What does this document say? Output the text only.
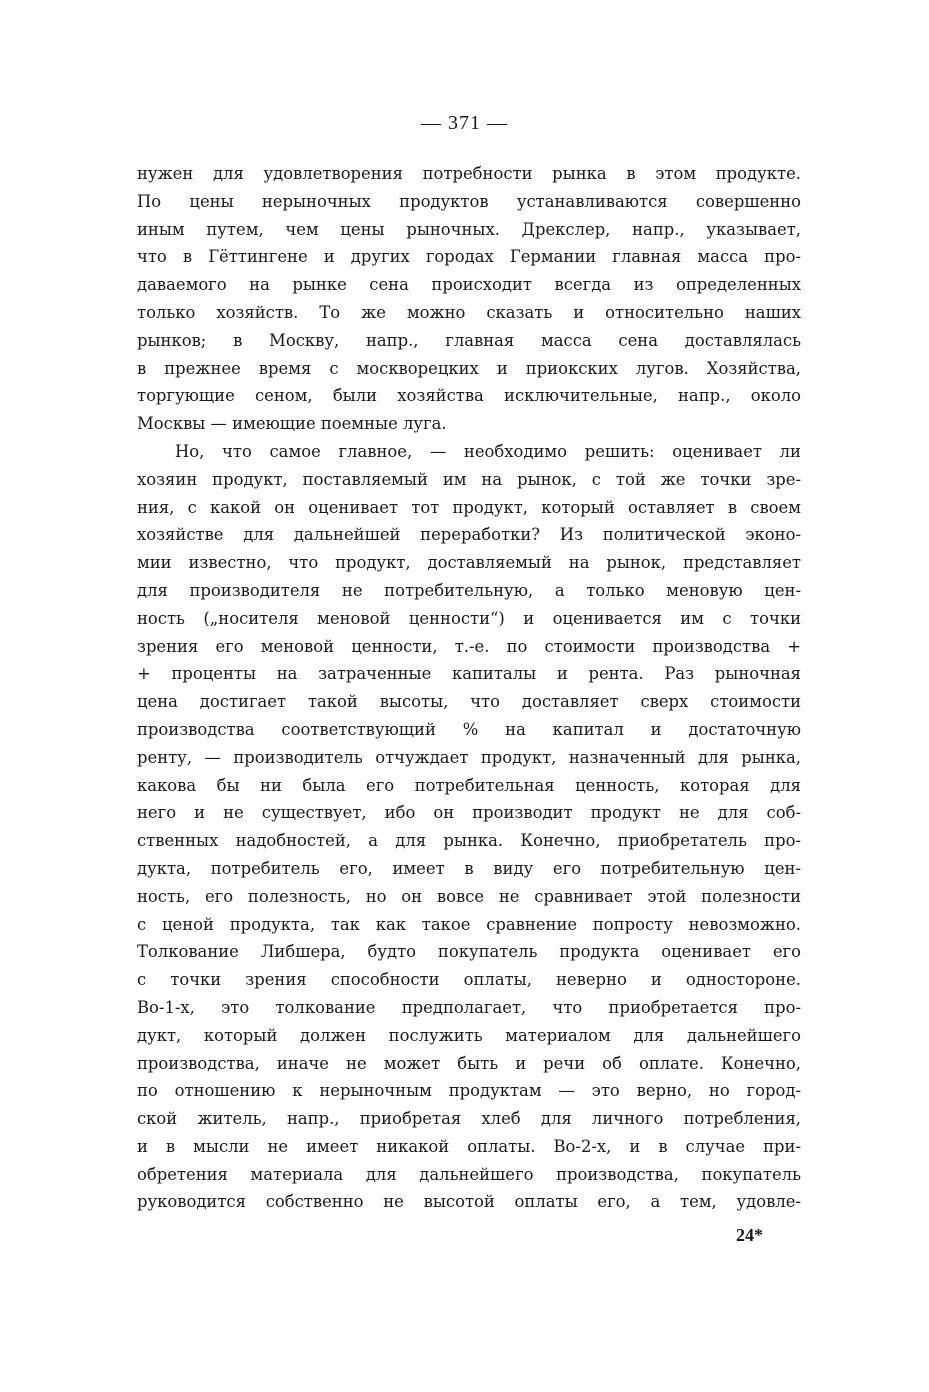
— 371 —
нужен для удовлетворения потребности рынка в этом продукте.
По цены нерыночных продуктов устанавливаются совершенно
иным путем, чем цены рыночных. Дрекслер, напр., указывает,
что в Гёттингене и других городах Германии главная масса про-
даваемого на рынке сена происходит всегда из определенных
только хозяйств. То же можно сказать и относительно наших
рынков; в Москву, напр., главная масса сена доставлялась
в прежнее время с москворецких и приокских лугов. Хозяйства,
торгующие сеном, были хозяйства исключительные, напр., около
Москвы — имеющие поемные луга.
Но, что самое главное, — необходимо решить: оценивает ли
хозяин продукт, поставляемый им на рынок, с той же точки зре-
ния, с какой он оценивает тот продукт, который оставляет в своем
хозяйстве для дальнейшей переработки? Из политической эконо-
мии известно, что продукт, доставляемый на рынок, представляет
для производителя не потребительную, а только меновую цен-
ность („носителя меновой ценности“) и оценивается им с точки
зрения его меновой ценности, т.-е. по стоимости производства +
+ проценты на затраченные капиталы и рента. Раз рыночная
цена достигает такой высоты, что доставляет сверх стоимости
производства соответствующий % на капитал и достаточную
ренту, — производитель отчуждает продукт, назначенный для рынка,
какова бы ни была его потребительная ценность, которая для
него и не существует, ибо он производит продукт не для соб-
ственных надобностей, а для рынка. Конечно, приобретатель про-
дукта, потребитель его, имеет в виду его потребительную цен-
ность, его полезность, но он вовсе не сравнивает этой полезности
с ценой продукта, так как такое сравнение попросту невозможно.
Толкование Либшера, будто покупатель продукта оценивает его
с точки зрения способности оплаты, неверно и одностороне.
Во-1-х, это толкование предполагает, что приобретается про-
дукт, который должен послужить материалом для дальнейшего
производства, иначе не может быть и речи об оплате. Конечно,
по отношению к нерыночным продуктам — это верно, но город-
ской житель, напр., приобретая хлеб для личного потребления,
и в мысли не имеет никакой оплаты. Во-2-х, и в случае при-
обретения материала для дальнейшего производства, покупатель
руководится собственно не высотой оплаты его, а тем, удовле-
24*
